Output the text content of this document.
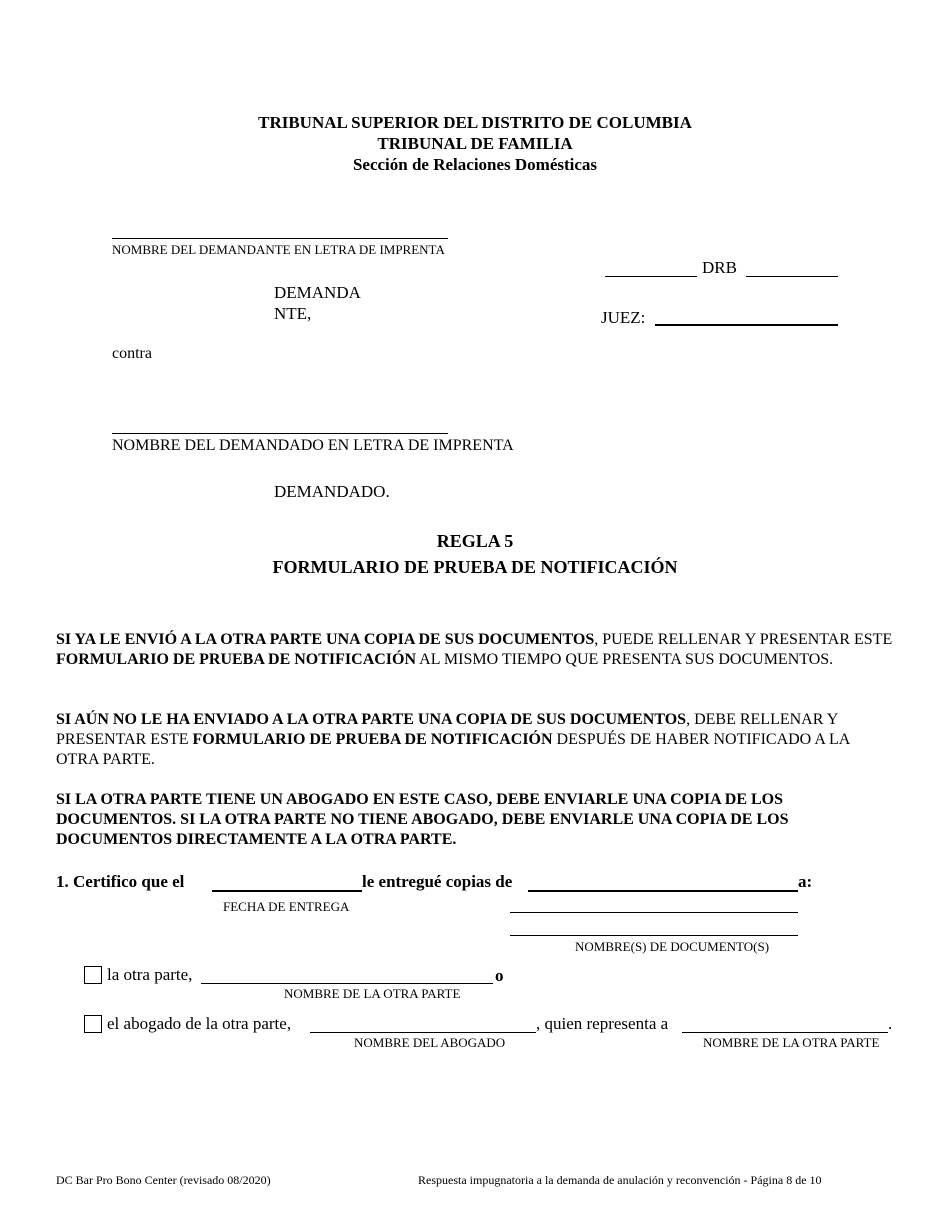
TRIBUNAL SUPERIOR DEL DISTRITO DE COLUMBIA
TRIBUNAL DE FAMILIA
Sección de Relaciones Domésticas
NOMBRE DEL DEMANDANTE EN LETRA DE IMPRENTA
DEMANDA
NTE,
contra
DRB
JUEZ:
NOMBRE DEL DEMANDADO EN LETRA DE IMPRENTA
DEMANDADO.
REGLA 5
FORMULARIO DE PRUEBA DE NOTIFICACIÓN
SI YA LE ENVIÓ A LA OTRA PARTE UNA COPIA DE SUS DOCUMENTOS, PUEDE RELLENAR Y PRESENTAR ESTE FORMULARIO DE PRUEBA DE NOTIFICACIÓN AL MISMO TIEMPO QUE PRESENTA SUS DOCUMENTOS.
SI AÚN NO LE HA ENVIADO A LA OTRA PARTE UNA COPIA DE SUS DOCUMENTOS, DEBE RELLENAR Y PRESENTAR ESTE FORMULARIO DE PRUEBA DE NOTIFICACIÓN DESPUÉS DE HABER NOTIFICADO A LA OTRA PARTE.
SI LA OTRA PARTE TIENE UN ABOGADO EN ESTE CASO, DEBE ENVIARLE UNA COPIA DE LOS DOCUMENTOS. SI LA OTRA PARTE NO TIENE ABOGADO, DEBE ENVIARLE UNA COPIA DE LOS DOCUMENTOS DIRECTAMENTE A LA OTRA PARTE.
1. Certifico que el	le entregué copias de	a:
FECHA DE ENTREGA
NOMBRE(S) DE DOCUMENTO(S)
la otra parte,	o
NOMBRE DE LA OTRA PARTE
el abogado de la otra parte,	, quien representa a	.
NOMBRE DEL ABOGADO	NOMBRE DE LA OTRA PARTE
DC Bar Pro Bono Center (revisado 08/2020)	Respuesta impugnatoria a la demanda de anulación y reconvención - Página 8 de 10
